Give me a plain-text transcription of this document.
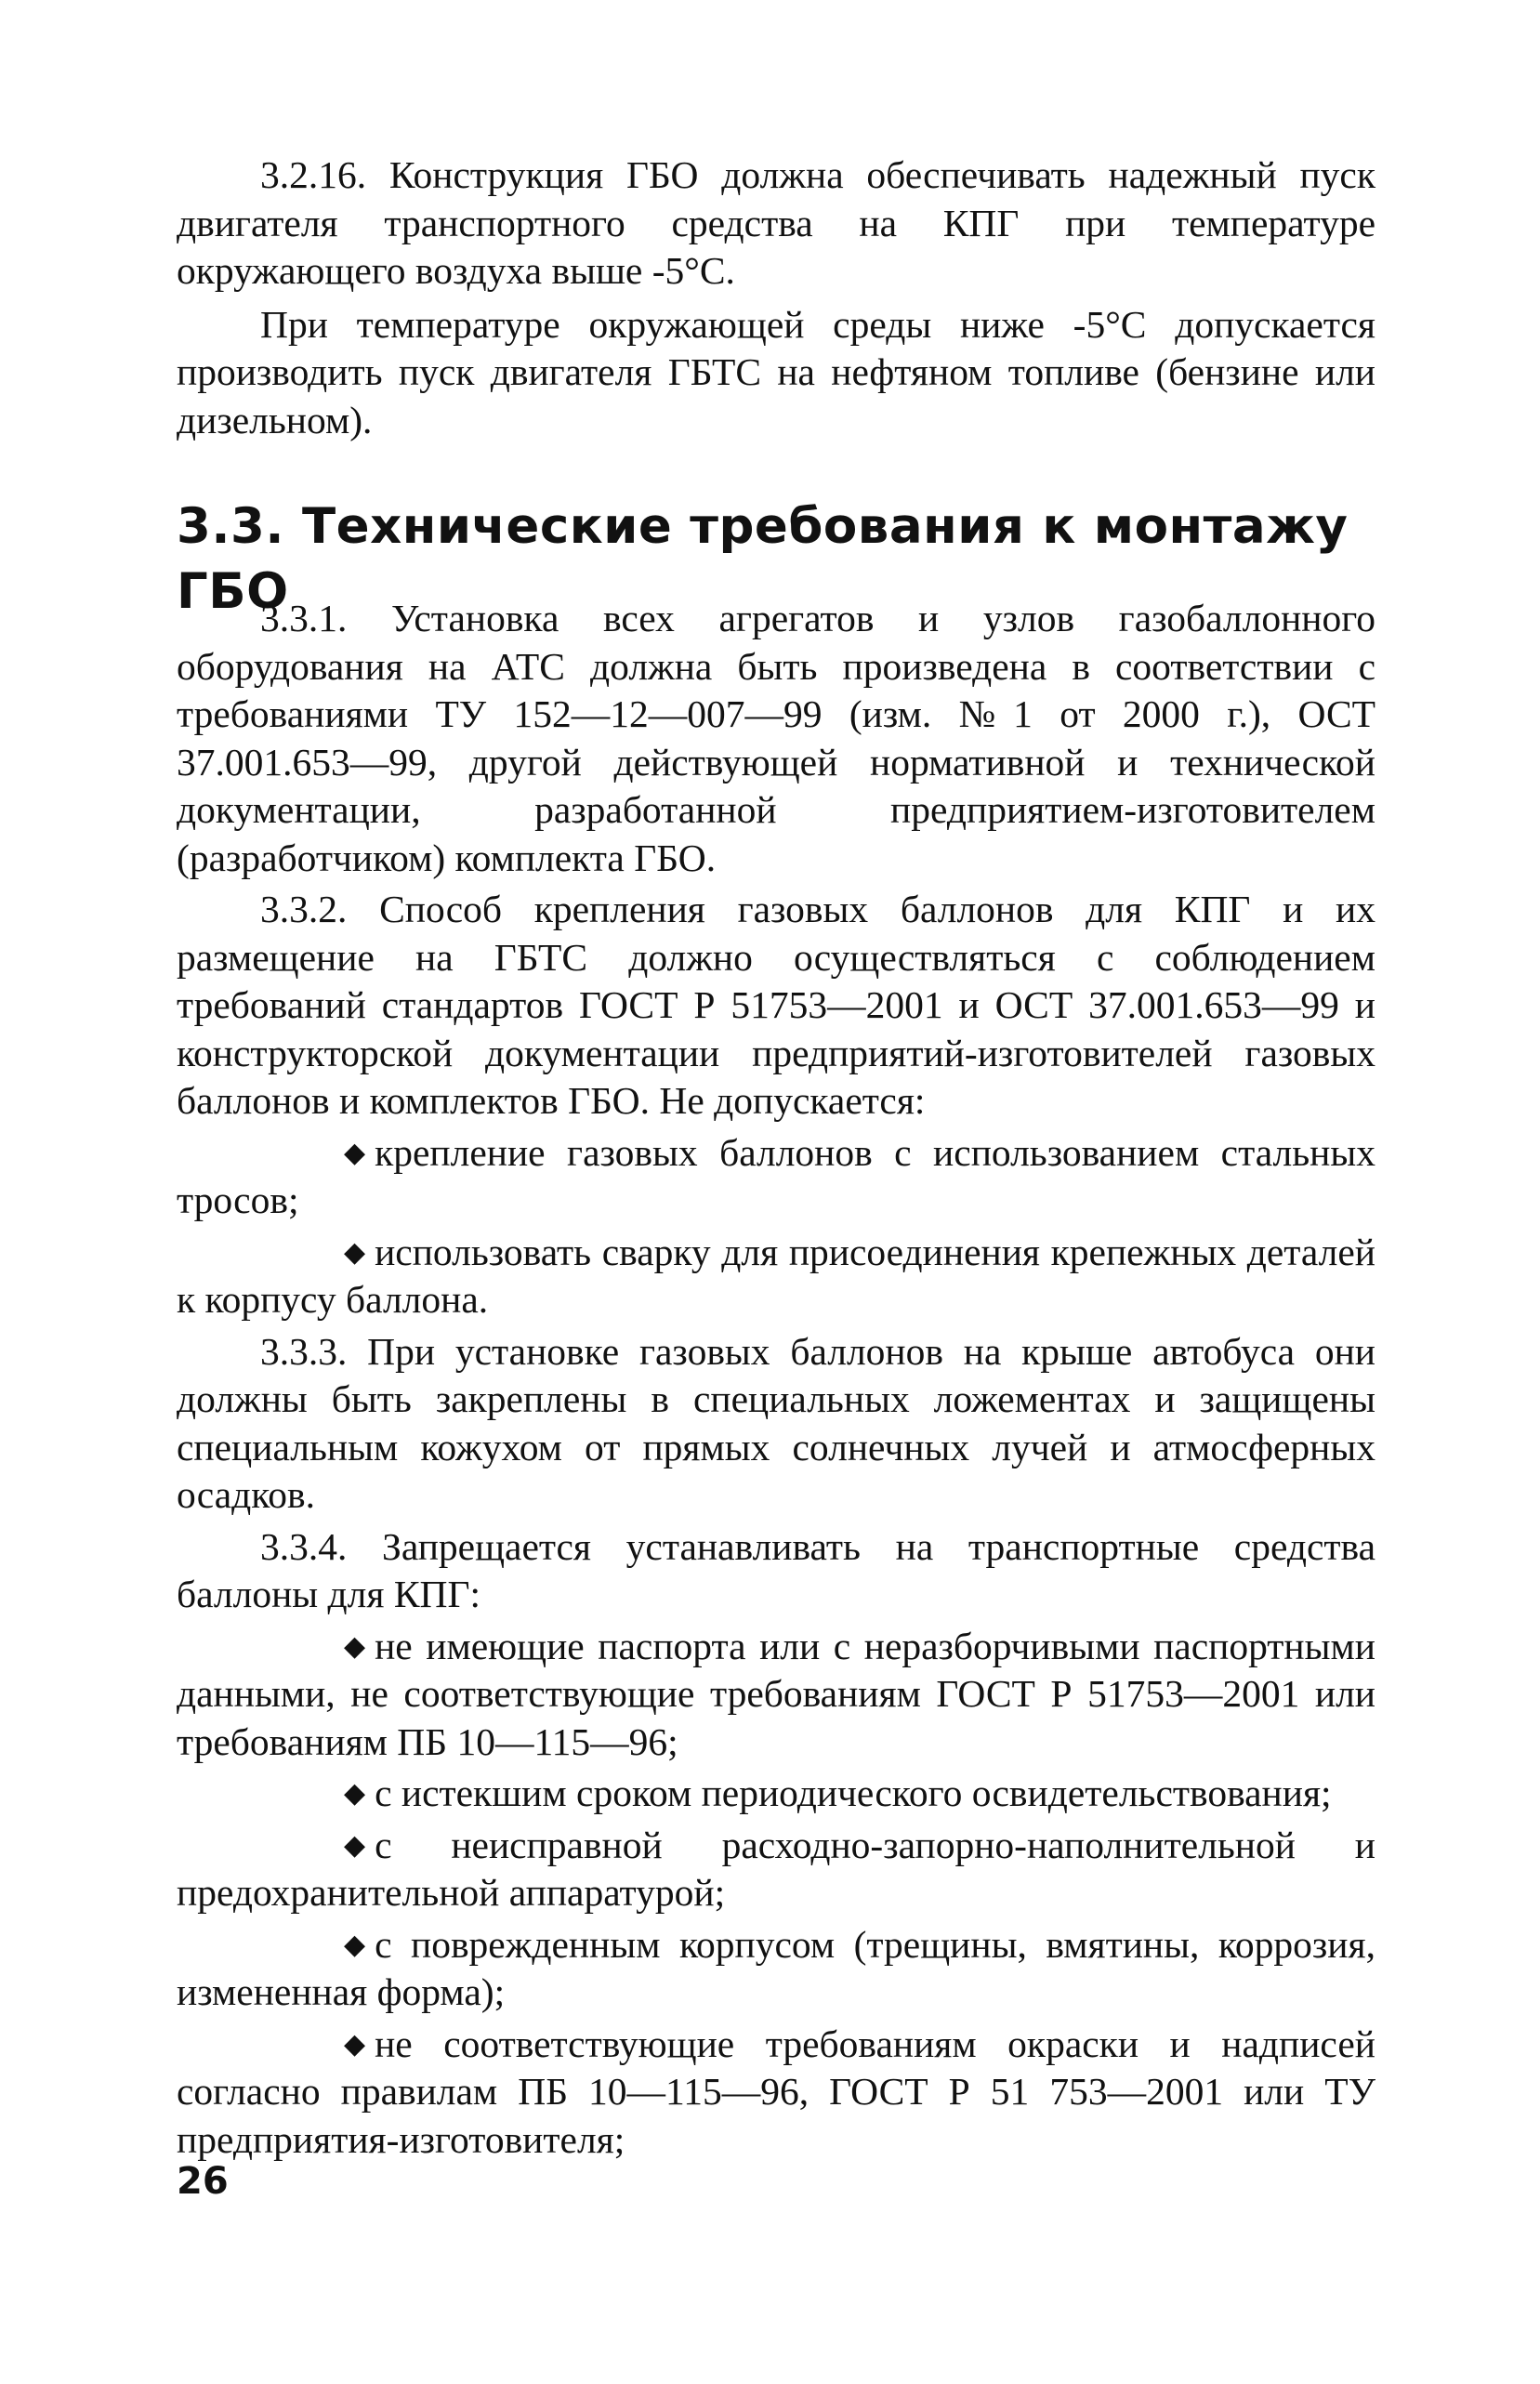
3.2.16. Конструкция ГБО должна обеспечивать надежный пуск двигателя транспортного средства на КПГ при температуре окружающего воздуха выше -5°С.

При температуре окружающей среды ниже -5°С допускается производить пуск двигателя ГБТС на нефтяном топливе (бензине или дизельном).

3.3. Технические требования к монтажу ГБО

3.3.1. Установка всех агрегатов и узлов газобаллонного оборудования на АТС должна быть произведена в соответствии с требованиями ТУ 152—12—007—99 (изм. №1 от 2000 г.), ОСТ 37.001.653—99, другой действующей нормативной и технической документации, разработанной предприятием-изготовителем (разработчиком) комплекта ГБО.

3.3.2. Способ крепления газовых баллонов для КПГ и их размещение на ГБТС должно осуществляться с соблюдением требований стандартов ГОСТ Р 51753—2001 и ОСТ 37.001.653—99 и конструкторской документации предприятий-изготовителей газовых баллонов и комплектов ГБО. Не допускается:

◆ крепление газовых баллонов с использованием стальных тросов;

◆ использовать сварку для присоединения крепежных деталей к корпусу баллона.

3.3.3. При установке газовых баллонов на крыше автобуса они должны быть закреплены в специальных ложементах и защищены специальным кожухом от прямых солнечных лучей и атмосферных осадков.

3.3.4. Запрещается устанавливать на транспортные средства баллоны для КПГ:

◆ не имеющие паспорта или с неразборчивыми паспортными данными, не соответствующие требованиям ГОСТ Р 51753—2001 или требованиям ПБ 10—115—96;

◆ с истекшим сроком периодического освидетельствования;

◆ с неисправной расходно-запорно-наполнительной и предохранительной аппаратурой;

◆ с поврежденным корпусом (трещины, вмятины, коррозия, измененная форма);

◆ не соответствующие требованиям окраски и надписей согласно правилам ПБ 10—115—96, ГОСТ Р 51 753—2001 или ТУ предприятия-изготовителя;

26
